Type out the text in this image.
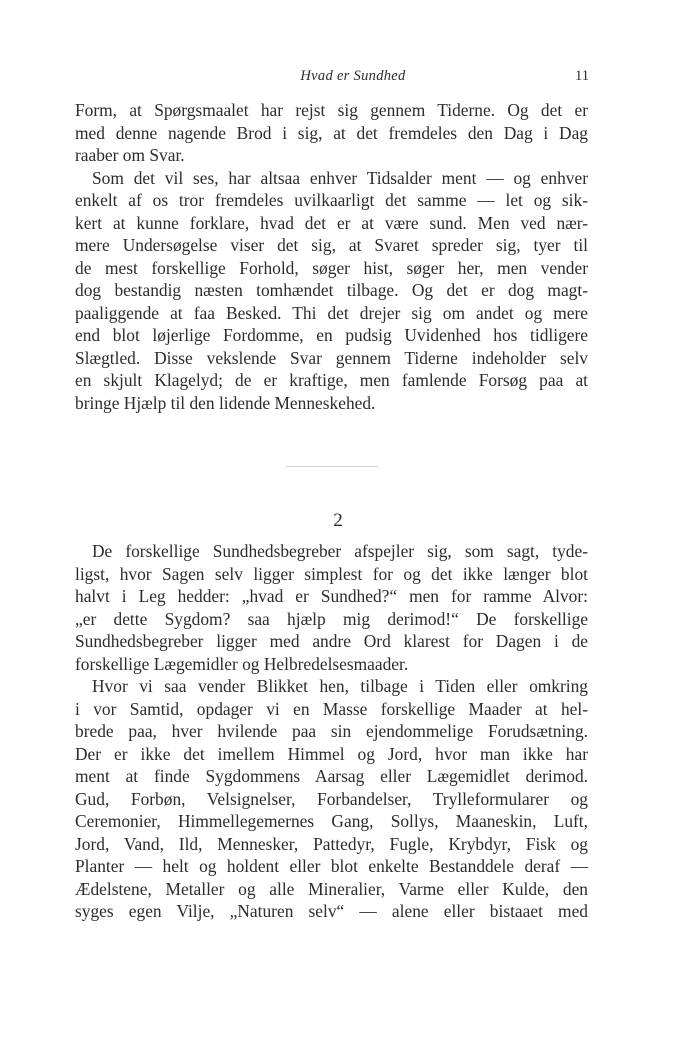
Hvad er Sundhed	11
Form, at Spørgsmaalet har rejst sig gennem Tiderne. Og det er
med denne nagende Brod i sig, at det fremdeles den Dag i Dag
raaber om Svar.
Som det vil ses, har altsaa enhver Tidsalder ment — og enhver
enkelt af os tror fremdeles uvilkaarligt det samme — let og sik-
kert at kunne forklare, hvad det er at være sund. Men ved nær-
mere Undersøgelse viser det sig, at Svaret spreder sig, tyer til
de mest forskellige Forhold, søger hist, søger her, men vender
dog bestandig næsten tomhændet tilbage. Og det er dog magt-
paaliggende at faa Besked. Thi det drejer sig om andet og mere
end blot løjerlige Fordomme, en pudsig Uvidenhed hos tidligere
Slægtled. Disse vekslende Svar gennem Tiderne indeholder selv
en skjult Klagelyd; de er kraftige, men famlende Forsøg paa at
bringe Hjælp til den lidende Menneskehed.
2
De forskellige Sundhedsbegreber afspejler sig, som sagt, tyde-
ligst, hvor Sagen selv ligger simplest for og det ikke længer blot
halvt i Leg hedder: „hvad er Sundhed?“ men for ramme Alvor:
„er dette Sygdom? saa hjælp mig derimod!“ De forskellige
Sundhedsbegreber ligger med andre Ord klarest for Dagen i de
forskellige Lægemidler og Helbredelsesmaader.
Hvor vi saa vender Blikket hen, tilbage i Tiden eller omkring
i vor Samtid, opdager vi en Masse forskellige Maader at hel-
brede paa, hver hvilende paa sin ejendommelige Forudsætning.
Der er ikke det imellem Himmel og Jord, hvor man ikke har
ment at finde Sygdommens Aarsag eller Lægemidlet derimod.
Gud, Forbøn, Velsignelser, Forbandelser, Trylleformularer og
Ceremonier, Himmellegemernes Gang, Sollys, Maaneskin, Luft,
Jord, Vand, Ild, Mennesker, Pattedyr, Fugle, Krybdyr, Fisk og
Planter — helt og holdent eller blot enkelte Bestanddele deraf —
Ædelstene, Metaller og alle Mineralier, Varme eller Kulde, den
syges egen Vilje, „Naturen selv“ — alene eller bistaaet med
